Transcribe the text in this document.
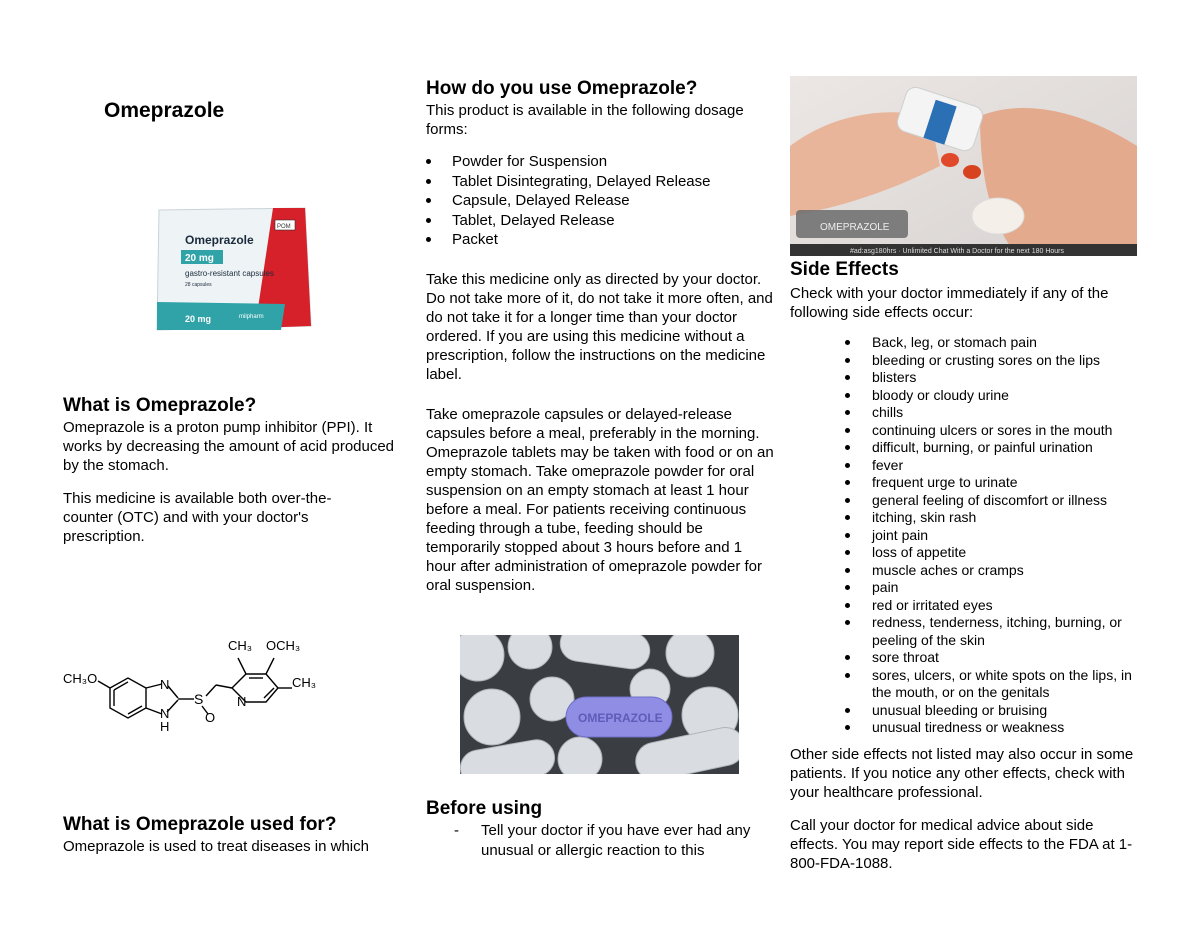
Omeprazole
Omeprazole
20 mg
gastro-resistant capsules
28 capsules
20 mg	milpharm
POM
What is Omeprazole?

Omeprazole is a proton pump inhibitor (PPI). It works by decreasing the amount of acid produced by the stomach.

This medicine is available both over-the-counter (OTC) and with your doctor's prescription.

What is Omeprazole used for?

Omeprazole is used to treat diseases in which

CH₃O	N
N
H
S
O
N
CH₃ OCH₃
CH₃
How do you use Omeprazole?

This product is available in the following dosage forms:

Powder for Suspension
Tablet Disintegrating, Delayed Release
Capsule, Delayed Release
Tablet, Delayed Release
Packet

Take this medicine only as directed by your doctor. Do not take more of it, do not take it more often, and do not take it for a longer time than your doctor ordered. If you are using this medicine without a prescription, follow the instructions on the medicine label.

Take omeprazole capsules or delayed-release capsules before a meal, preferably in the morning. Omeprazole tablets may be taken with food or on an empty stomach. Take omeprazole powder for oral suspension on an empty stomach at least 1 hour before a meal. For patients receiving continuous feeding through a tube, feeding should be temporarily stopped about 3 hours before and 1 hour after administration of omeprazole powder for oral suspension.

Before using
- Tell your doctor if you have ever had any unusual or allergic reaction to this
OMEPRAZOLE
OMEPRAZOLE
#ad:asg180hrs · Unlimited Chat With a Doctor for the next 180 Hours
Side Effects

Check with your doctor immediately if any of the following side effects occur:

Back, leg, or stomach pain
bleeding or crusting sores on the lips
blisters
bloody or cloudy urine
chills
continuing ulcers or sores in the mouth
difficult, burning, or painful urination
fever
frequent urge to urinate
general feeling of discomfort or illness
itching, skin rash
joint pain
loss of appetite
muscle aches or cramps
pain
red or irritated eyes
redness, tenderness, itching, burning, or peeling of the skin
sore throat
sores, ulcers, or white spots on the lips, in the mouth, or on the genitals
unusual bleeding or bruising
unusual tiredness or weakness

Other side effects not listed may also occur in some patients. If you notice any other effects, check with your healthcare professional.

Call your doctor for medical advice about side effects. You may report side effects to the FDA at 1-800-FDA-1088.
